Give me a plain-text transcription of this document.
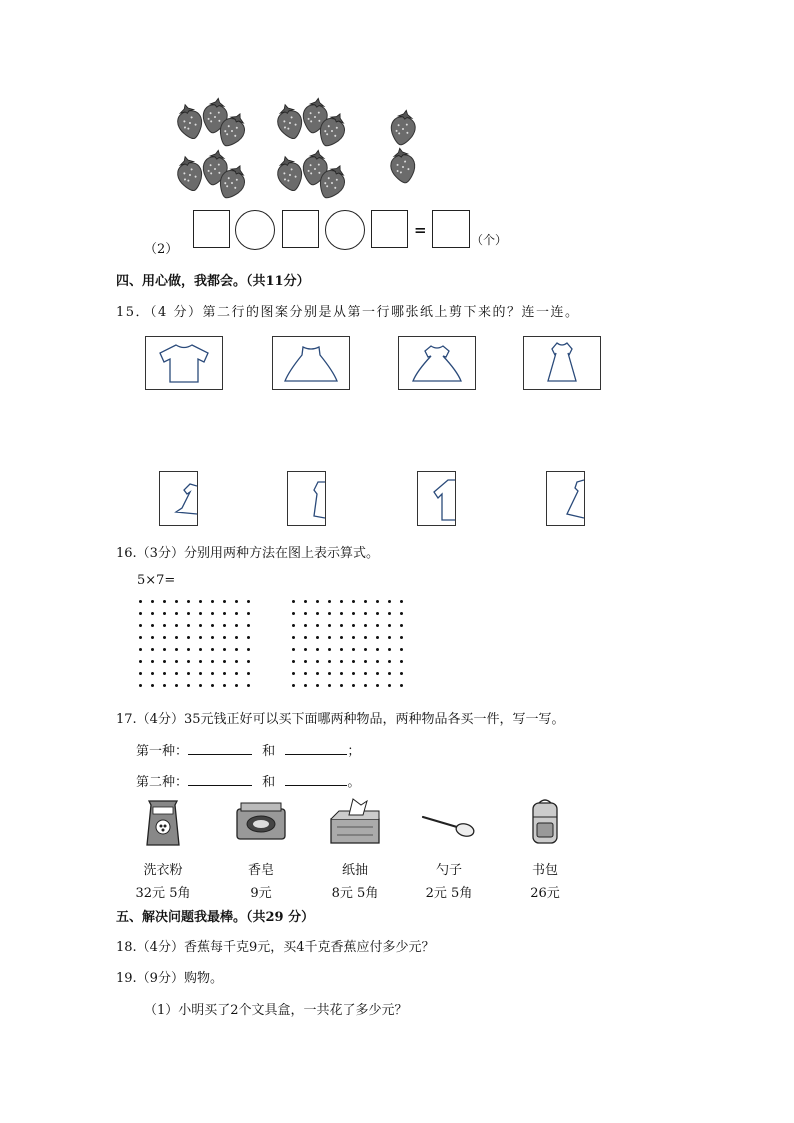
（2）
=
（个）
四、用心做，我都会。（共11分）
15．（4 分）第二行的图案分别是从第一行哪张纸上剪下来的？连一连。
16.（3分）分别用两种方法在图上表示算式。
5×7=
17.（4分）35元钱正好可以买下面哪两种物品，两种物品各买一件，写一写。
第一种：	和	；
第二种：	和	。
洗衣粉
32元 5角
香皂
9元
纸抽
8元 5角
勺子
2元 5角
书包
26元
五、解决问题我最棒。（共29 分）
18.（4分）香蕉每千克9元，买4千克香蕉应付多少元？
19.（9分）购物。
（1）小明买了2个文具盒，一共花了多少元？
